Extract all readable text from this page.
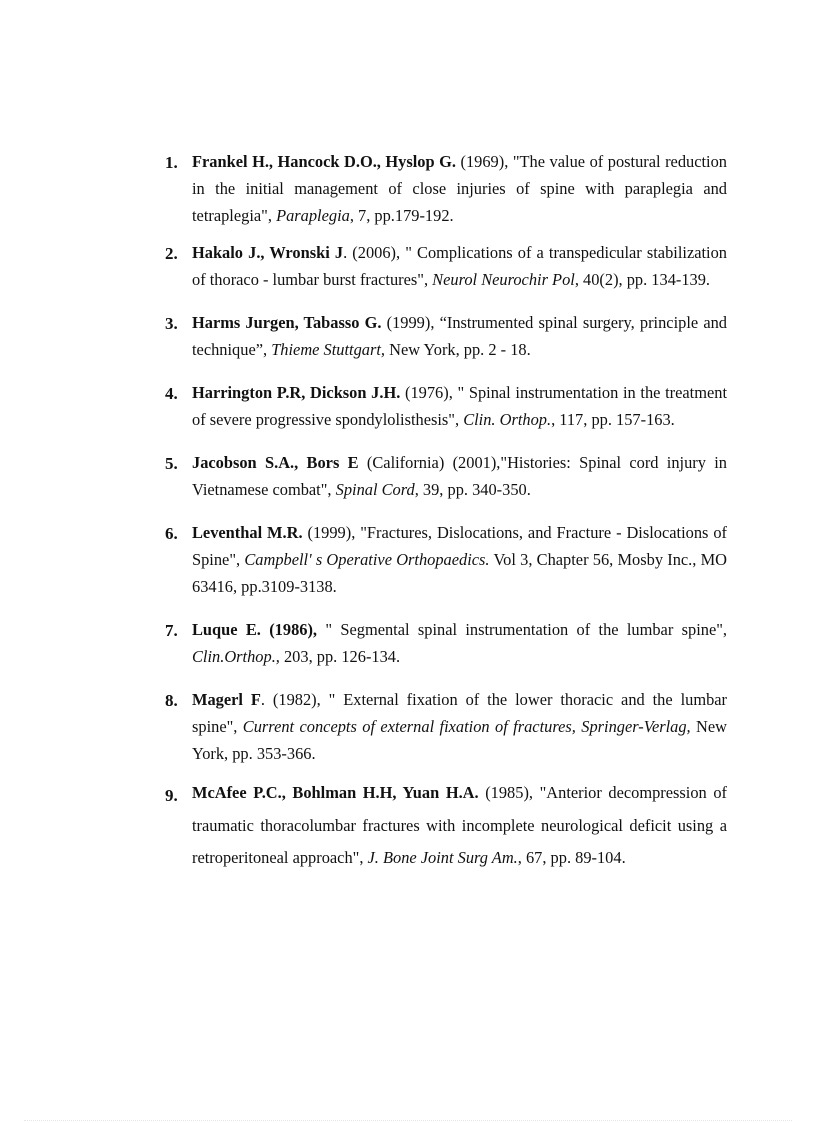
1. Frankel H., Hancock D.O., Hyslop G. (1969), "The value of postural reduction in the initial management of close injuries of spine with paraplegia and tetraplegia", Paraplegia, 7, pp.179-192.
2. Hakalo J., Wronski J. (2006), " Complications of a transpedicular stabilization of thoraco - lumbar burst fractures", Neurol Neurochir Pol, 40(2), pp. 134-139.
3. Harms Jurgen, Tabasso G. (1999), “Instrumented spinal surgery, principle and technique”, Thieme Stuttgart, New York, pp. 2 - 18.
4. Harrington P.R, Dickson J.H. (1976), " Spinal instrumentation in the treatment of severe progressive spondylolisthesis", Clin. Orthop., 117, pp. 157-163.
5. Jacobson S.A., Bors E (California) (2001),"Histories: Spinal cord injury in Vietnamese combat", Spinal Cord, 39, pp. 340-350.
6. Leventhal M.R. (1999), "Fractures, Dislocations, and Fracture - Dislocations of Spine", Campbell' s Operative Orthopaedics. Vol 3, Chapter 56, Mosby Inc., MO 63416, pp.3109-3138.
7. Luque E. (1986), " Segmental spinal instrumentation of the lumbar spine", Clin.Orthop., 203, pp. 126-134.
8. Magerl F. (1982), " External fixation of the lower thoracic and the lumbar spine", Current concepts of external fixation of fractures, Springer-Verlag, New York, pp. 353-366.
9. McAfee P.C., Bohlman H.H, Yuan H.A. (1985), "Anterior decompression of traumatic thoracolumbar fractures with incomplete neurological deficit using a retroperitoneal approach", J. Bone Joint Surg Am., 67, pp. 89-104.
